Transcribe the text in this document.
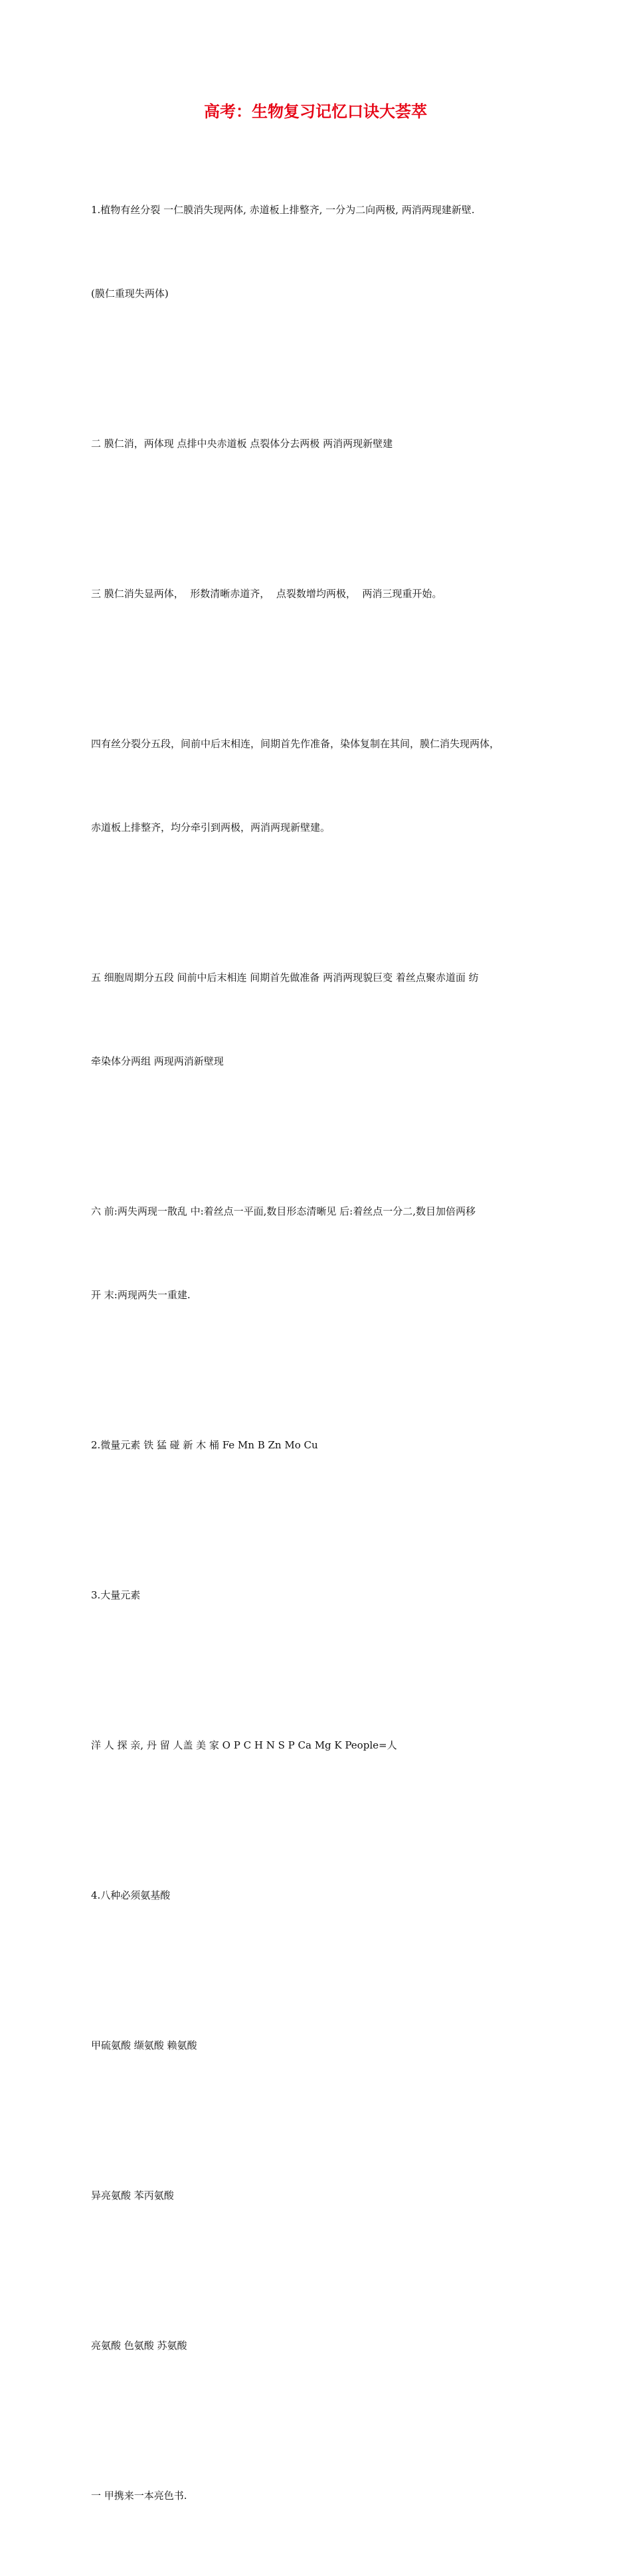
高考：生物复习记忆口诀大荟萃

1.植物有丝分裂 一仁膜消失现两体, 赤道板上排整齐, 一分为二向两极, 两消两现建新壁.

(膜仁重现失两体)

二 膜仁消，两体现 点排中央赤道板 点裂体分去两极 两消两现新壁建

三 膜仁消失显两体，  形数清晰赤道齐，  点裂数增均两极，  两消三现重开始。

四有丝分裂分五段，间前中后末相连，间期首先作准备，染体复制在其间，膜仁消失现两体，

赤道板上排整齐，均分牵引到两极，两消两现新壁建。

五 细胞周期分五段 间前中后末相连 间期首先做准备 两消两现貌巨变 着丝点聚赤道面 纺

牵染体分两组 两现两消新壁现

六 前:两失两现一散乱 中:着丝点一平面,数目形态清晰见 后:着丝点一分二,数目加倍两移

开 末:两现两失一重建.

2.微量元素 铁 猛 碰 新 木 桶 Fe Mn B Zn Mo Cu

3.大量元素

洋 人 探 亲, 丹 留 人盖 美 家 O P C H N S P Ca Mg K People=人

4.八种必须氨基酸

甲硫氨酸 缬氨酸 赖氨酸

异亮氨酸 苯丙氨酸

亮氨酸 色氨酸 苏氨酸

一 甲携来一本亮色书.
